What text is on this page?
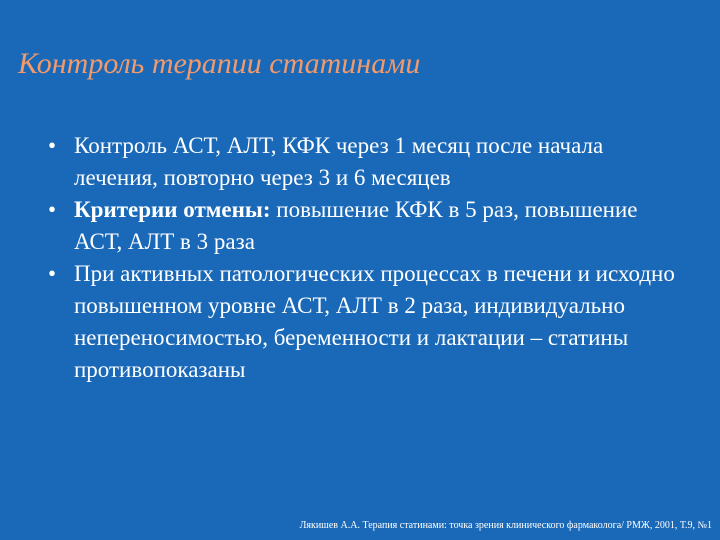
Контроль терапии статинами
• Контроль АСТ, АЛТ, КФК через 1 месяц после начала лечения, повторно через 3 и 6 месяцев
• Критерии отмены: повышение КФК в 5 раз, повышение АСТ, АЛТ в 3 раза
• При активных патологических процессах в печени и исходно повышенном уровне АСТ, АЛТ в 2 раза, индивидуально непереносимостью, беременности и лактации – статины противопоказаны
Лякишев А.А. Терапия статинами: точка зрения клинического фармаколога/ РМЖ, 2001, Т.9, №1
